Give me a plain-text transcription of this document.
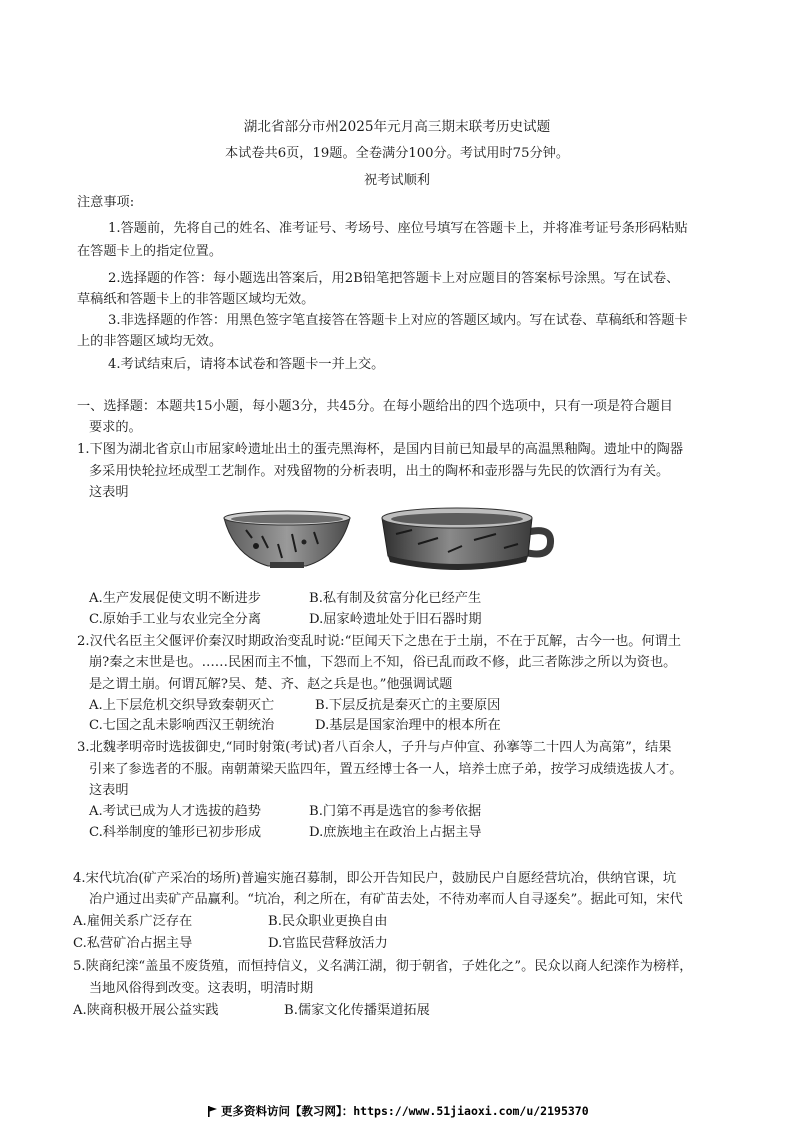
湖北省部分市州2025年元月高三期末联考历史试题
本试卷共6页，19题。全卷满分100分。考试用时75分钟。
祝考试顺利
注意事项:
1.答题前，先将自己的姓名、准考证号、考场号、座位号填写在答题卡上，并将准考证号条形码粘贴
在答题卡上的指定位置。
2.选择题的作答：每小题选出答案后，用2B铅笔把答题卡上对应题目的答案标号涂黑。写在试卷、
草稿纸和答题卡上的非答题区域均无效。
3.非选择题的作答：用黑色签字笔直接答在答题卡上对应的答题区域内。写在试卷、草稿纸和答题卡
上的非答题区域均无效。
4.考试结束后，请将本试卷和答题卡一并上交。
一、选择题：本题共15小题，每小题3分，共45分。在每小题给出的四个选项中，只有一项是符合题目
要求的。
1.下图为湖北省京山市屈家岭遗址出土的蛋壳黑海杯，是国内目前已知最早的高温黑釉陶。遗址中的陶器
多采用快轮拉坯成型工艺制作。对残留物的分析表明，出土的陶杯和壶形器与先民的饮酒行为有关。
这表明
A.生产发展促使文明不断进步	B.私有制及贫富分化已经产生
C.原始手工业与农业完全分离	D.屈家岭遗址处于旧石器时期
2.汉代名臣主父偃评价秦汉时期政治变乱时说:“臣闻天下之患在于土崩，不在于瓦解，古今一也。何谓土
崩?秦之末世是也。……民困而主不恤，下怨而上不知，俗已乱而政不修，此三者陈涉之所以为资也。
是之谓土崩。何谓瓦解?吴、楚、齐、赵之兵是也。”他强调试题
A.上下层危机交织导致秦朝灭亡	B.下层反抗是秦灭亡的主要原因
C.七国之乱未影响西汉王朝统治	D.基层是国家治理中的根本所在
3.北魏孝明帝时选拔御史,“同时射策(考试)者八百余人，子升与卢仲宣、孙搴等二十四人为高第”，结果
引来了参选者的不服。南朝萧梁天监四年，置五经博士各一人，培养士庶子弟，按学习成绩选拔人才。
这表明
A.考试已成为人才选拔的趋势	B.门第不再是选官的参考依据
C.科举制度的雏形已初步形成	D.庶族地主在政治上占据主导
4.宋代坑冶(矿产采冶的场所)普遍实施召募制，即公开告知民户，鼓励民户自愿经营坑冶，供纳官课，坑
冶户通过出卖矿产品赢利。“坑冶，利之所在，有矿苗去处，不待劝率而人自寻逐矣”。据此可知，宋代
A.雇佣关系广泛存在	B.民众职业更换自由
C.私营矿冶占据主导	D.官监民营释放活力
5.陕商纪滦“盖虽不废货殖，而恒持信义，义名满江湖，彻于朝省，子姓化之”。民众以商人纪滦作为榜样，
当地风俗得到改变。这表明，明清时期
A.陕商积极开展公益实践	B.儒家文化传播渠道拓展
更多资料访问【教习网】：https://www.51jiaoxi.com/u/2195370
